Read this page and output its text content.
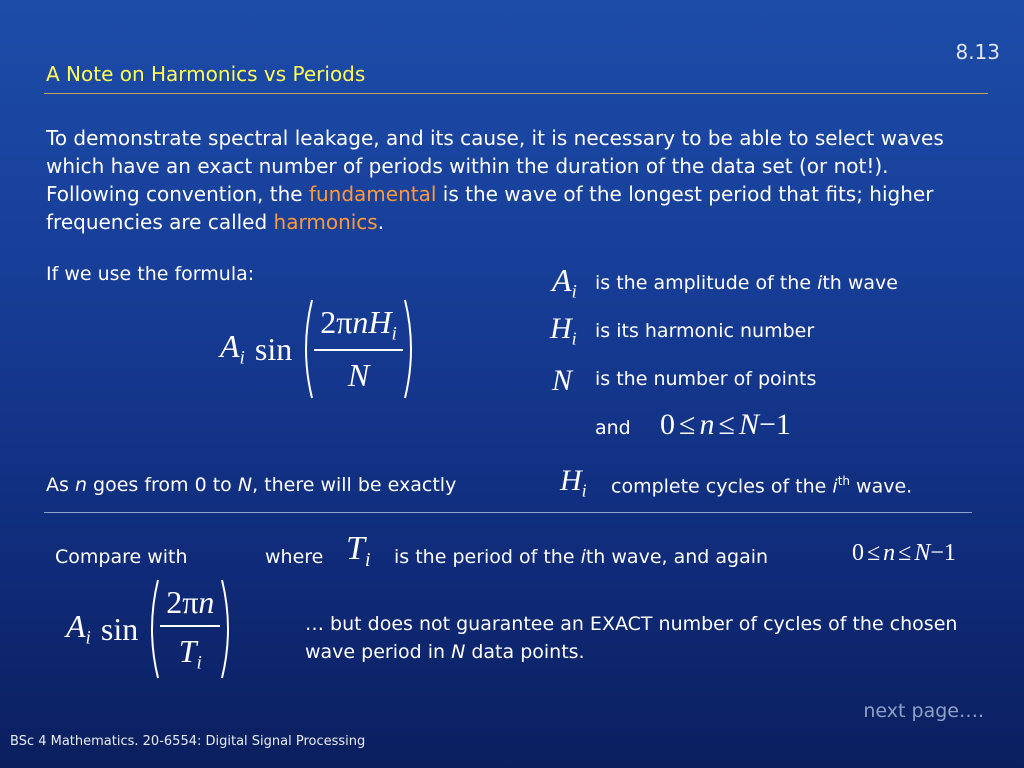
8.13
A Note on Harmonics vs Periods
To demonstrate spectral leakage, and its cause, it is necessary to be able to select waves which have an exact number of periods within the duration of the data set (or not!). Following convention, the fundamental is the wave of the longest period that fits; higher frequencies are called harmonics.
If we use the formula:
$A_i$ $\sin \frac{2\pi nH_i}{N}$
$A_i$ is the amplitude of the ith wave
$H_i$ is its harmonic number
N is the number of points
and 0 ≤ n ≤ N−1
As n goes from 0 to N, there will be exactly	$H_i$ complete cycles of the $i^{th}$ wave.
Compare with	where $T_i$ is the period of the ith wave, and again	0 ≤ n ≤ N−1
$A_i$ $\sin \frac{2\pi n}{T_i}$	… but does not guarantee an EXACT number of cycles of the chosen wave period in N data points.
next page….
BSc 4 Mathematics. 20-6554: Digital Signal Processing
